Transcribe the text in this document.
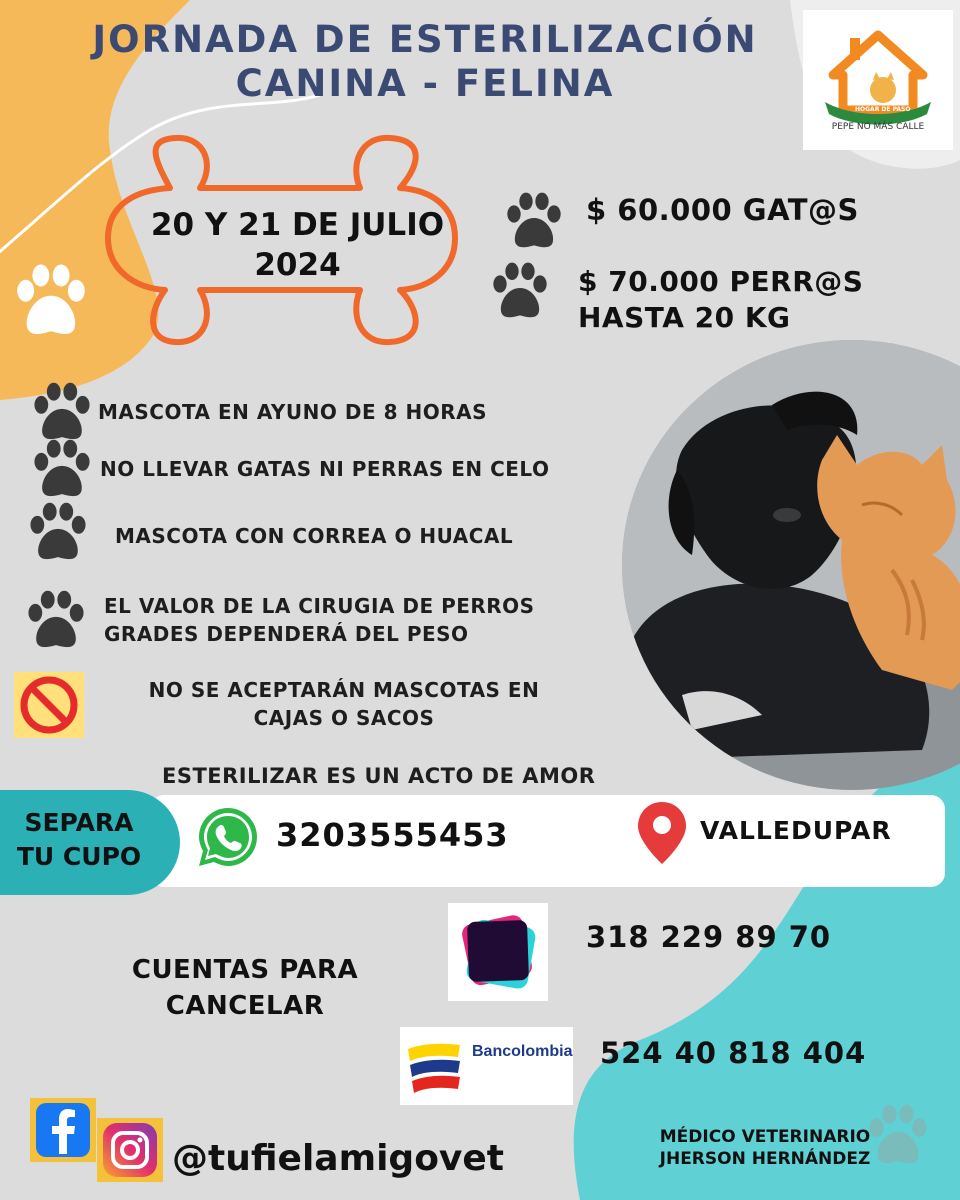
JORNADA DE ESTERILIZACIÓN
CANINA - FELINA
HOGAR DE PASO
PEPE NO MÁS CALLE
20 Y 21 DE JULIO
2024
$ 60.000 GAT@S
$ 70.000 PERR@S
HASTA 20 KG
MASCOTA EN AYUNO DE 8 HORAS
NO LLEVAR GATAS NI PERRAS EN CELO
MASCOTA CON CORREA O HUACAL
EL VALOR DE LA CIRUGIA DE PERROS
GRADES DEPENDERÁ DEL PESO
NO SE ACEPTARÁN MASCOTAS EN
CAJAS O SACOS
ESTERILIZAR ES UN ACTO DE AMOR
SEPARA
TU CUPO
3203555453	VALLEDUPAR
CUENTAS PARA
CANCELAR
318 229 89 70
Bancolombia 524 40 818 404
@tufielamigovet
MÉDICO VETERINARIO
JHERSON HERNÁNDEZ
